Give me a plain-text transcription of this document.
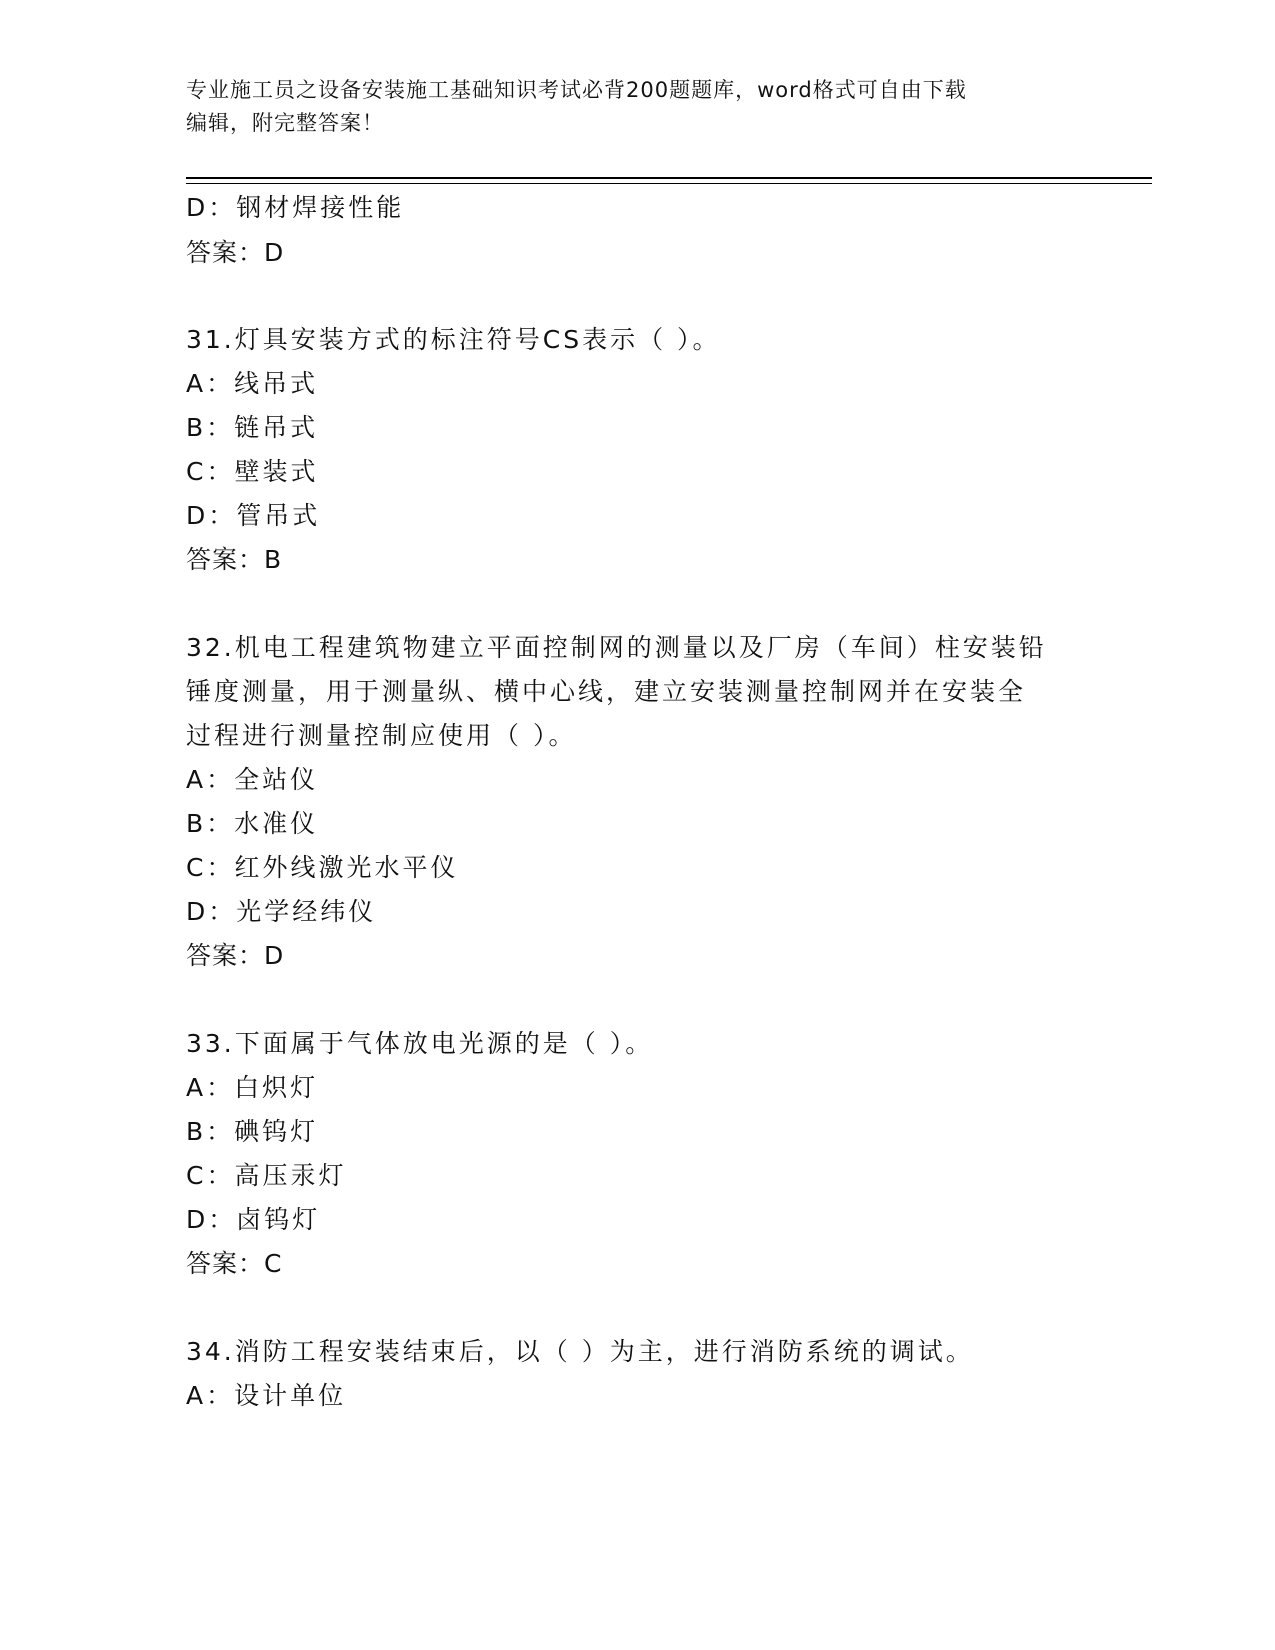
专业施工员之设备安装施工基础知识考试必背200题题库，word格式可自由下载
编辑，附完整答案！
D：钢材焊接性能
答案：D
31.灯具安装方式的标注符号CS表示（ ）。
A：线吊式
B：链吊式
C：壁装式
D：管吊式
答案：B
32.机电工程建筑物建立平面控制网的测量以及厂房（车间）柱安装铅
锤度测量，用于测量纵、横中心线，建立安装测量控制网并在安装全
过程进行测量控制应使用（ ）。
A：全站仪
B：水准仪
C：红外线激光水平仪
D：光学经纬仪
答案：D
33.下面属于气体放电光源的是（ ）。
A：白炽灯
B：碘钨灯
C：高压汞灯
D：卤钨灯
答案：C
34.消防工程安装结束后，以（ ）为主，进行消防系统的调试。
A：设计单位
